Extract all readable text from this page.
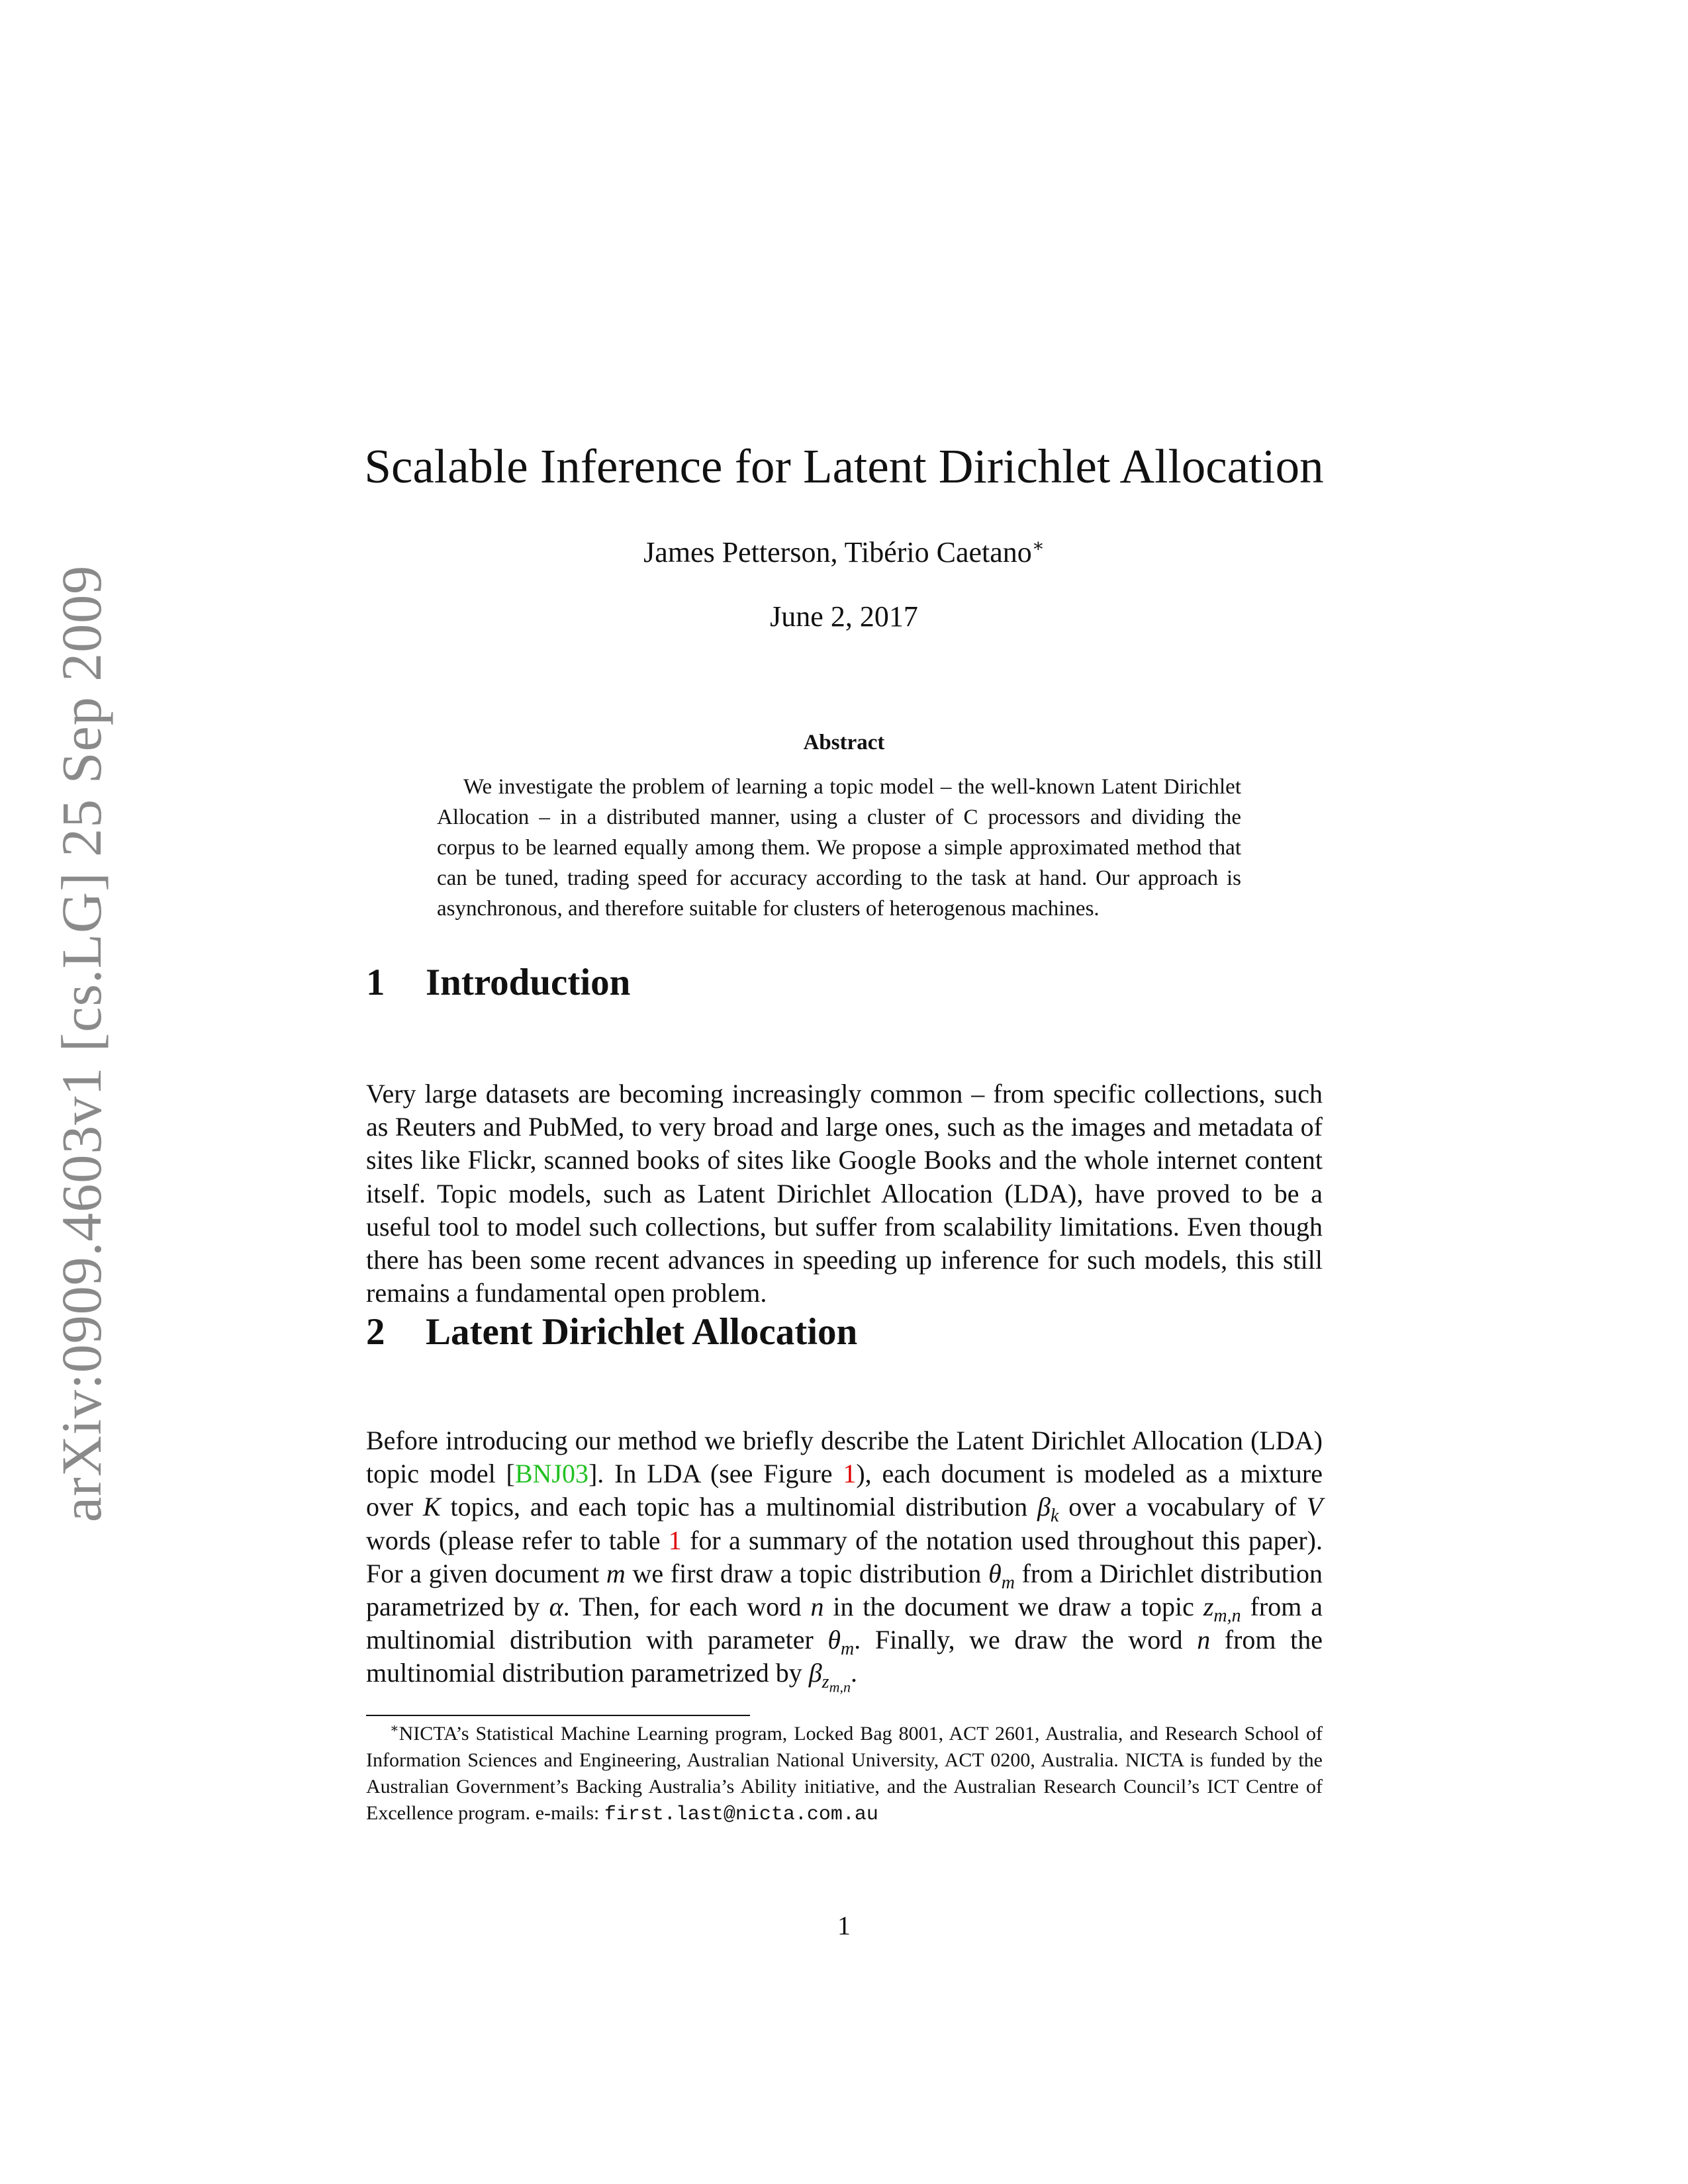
arXiv:0909.4603v1 [cs.LG] 25 Sep 2009
Scalable Inference for Latent Dirichlet Allocation
James Petterson, Tibério Caetano∗
June 2, 2017
Abstract
We investigate the problem of learning a topic model – the well-known Latent Dirichlet Allocation – in a distributed manner, using a cluster of C processors and dividing the corpus to be learned equally among them. We propose a simple approximated method that can be tuned, trading speed for accuracy according to the task at hand. Our approach is asynchronous, and therefore suitable for clusters of heterogenous machines.
1 Introduction
Very large datasets are becoming increasingly common – from specific collections, such as Reuters and PubMed, to very broad and large ones, such as the images and metadata of sites like Flickr, scanned books of sites like Google Books and the whole internet content itself. Topic models, such as Latent Dirichlet Allocation (LDA), have proved to be a useful tool to model such collections, but suffer from scalability limitations. Even though there has been some recent advances in speeding up inference for such models, this still remains a fundamental open problem.
2 Latent Dirichlet Allocation
Before introducing our method we briefly describe the Latent Dirichlet Allocation (LDA) topic model [BNJ03]. In LDA (see Figure 1), each document is modeled as a mixture over K topics, and each topic has a multinomial distribution $\beta_k$ over a vocabulary of V words (please refer to table 1 for a summary of the notation used throughout this paper). For a given document m we first draw a topic distribution $\theta_m$ from a Dirichlet distribution parametrized by α. Then, for each word n in the document we draw a topic $z_{m,n}$ from a multinomial distribution with parameter $\theta_m$. Finally, we draw the word n from the multinomial distribution parametrized by $\beta_{z_{m,n}}$.
∗NICTA’s Statistical Machine Learning program, Locked Bag 8001, ACT 2601, Australia, and Research School of Information Sciences and Engineering, Australian National University, ACT 0200, Australia. NICTA is funded by the Australian Government’s Backing Australia’s Ability initiative, and the Australian Research Council’s ICT Centre of Excellence program. e-mails: first.last@nicta.com.au
1
